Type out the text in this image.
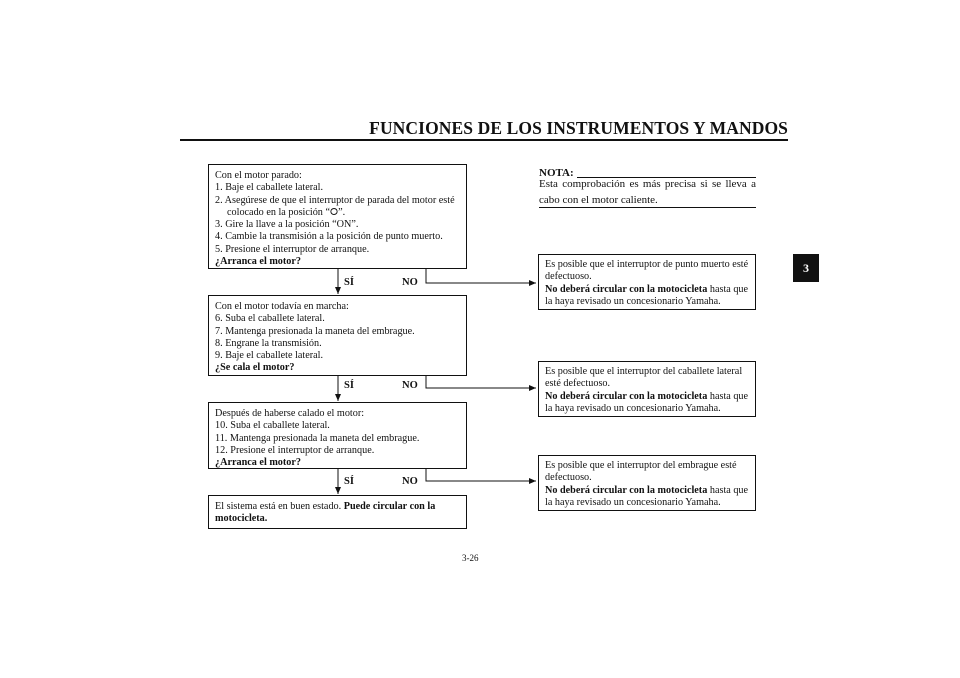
FUNCIONES DE LOS INSTRUMENTOS Y MANDOS
3
Con el motor parado:
1. Baje el caballete lateral.
2. Asegúrese de que el interruptor de parada del motor esté
colocado en la posición “⭘”.
3. Gire la llave a la posición “ON”.
4. Cambie la transmisión a la posición de punto muerto.
5. Presione el interruptor de arranque.
¿Arranca el motor?
SÍ	NO
Con el motor todavía en marcha:
6. Suba el caballete lateral.
7. Mantenga presionada la maneta del embrague.
8. Engrane la transmisión.
9. Baje el caballete lateral.
¿Se cala el motor?
SÍ	NO
Después de haberse calado el motor:
10. Suba el caballete lateral.
11. Mantenga presionada la maneta del embrague.
12. Presione el interruptor de arranque.
¿Arranca el motor?
SÍ	NO
El sistema está en buen estado. Puede circular con la motocicleta.
NOTA:
Esta comprobación es más precisa si se lleva a cabo con el motor caliente.
Es posible que el interruptor de punto muerto esté defectuoso.
No deberá circular con la motocicleta hasta que la haya revisado un concesionario Yamaha.
Es posible que el interruptor del caballete lateral esté defectuoso.
No deberá circular con la motocicleta hasta que la haya revisado un concesionario Yamaha.
Es posible que el interruptor del embrague esté defectuoso.
No deberá circular con la motocicleta hasta que la haya revisado un concesionario Yamaha.
3-26
